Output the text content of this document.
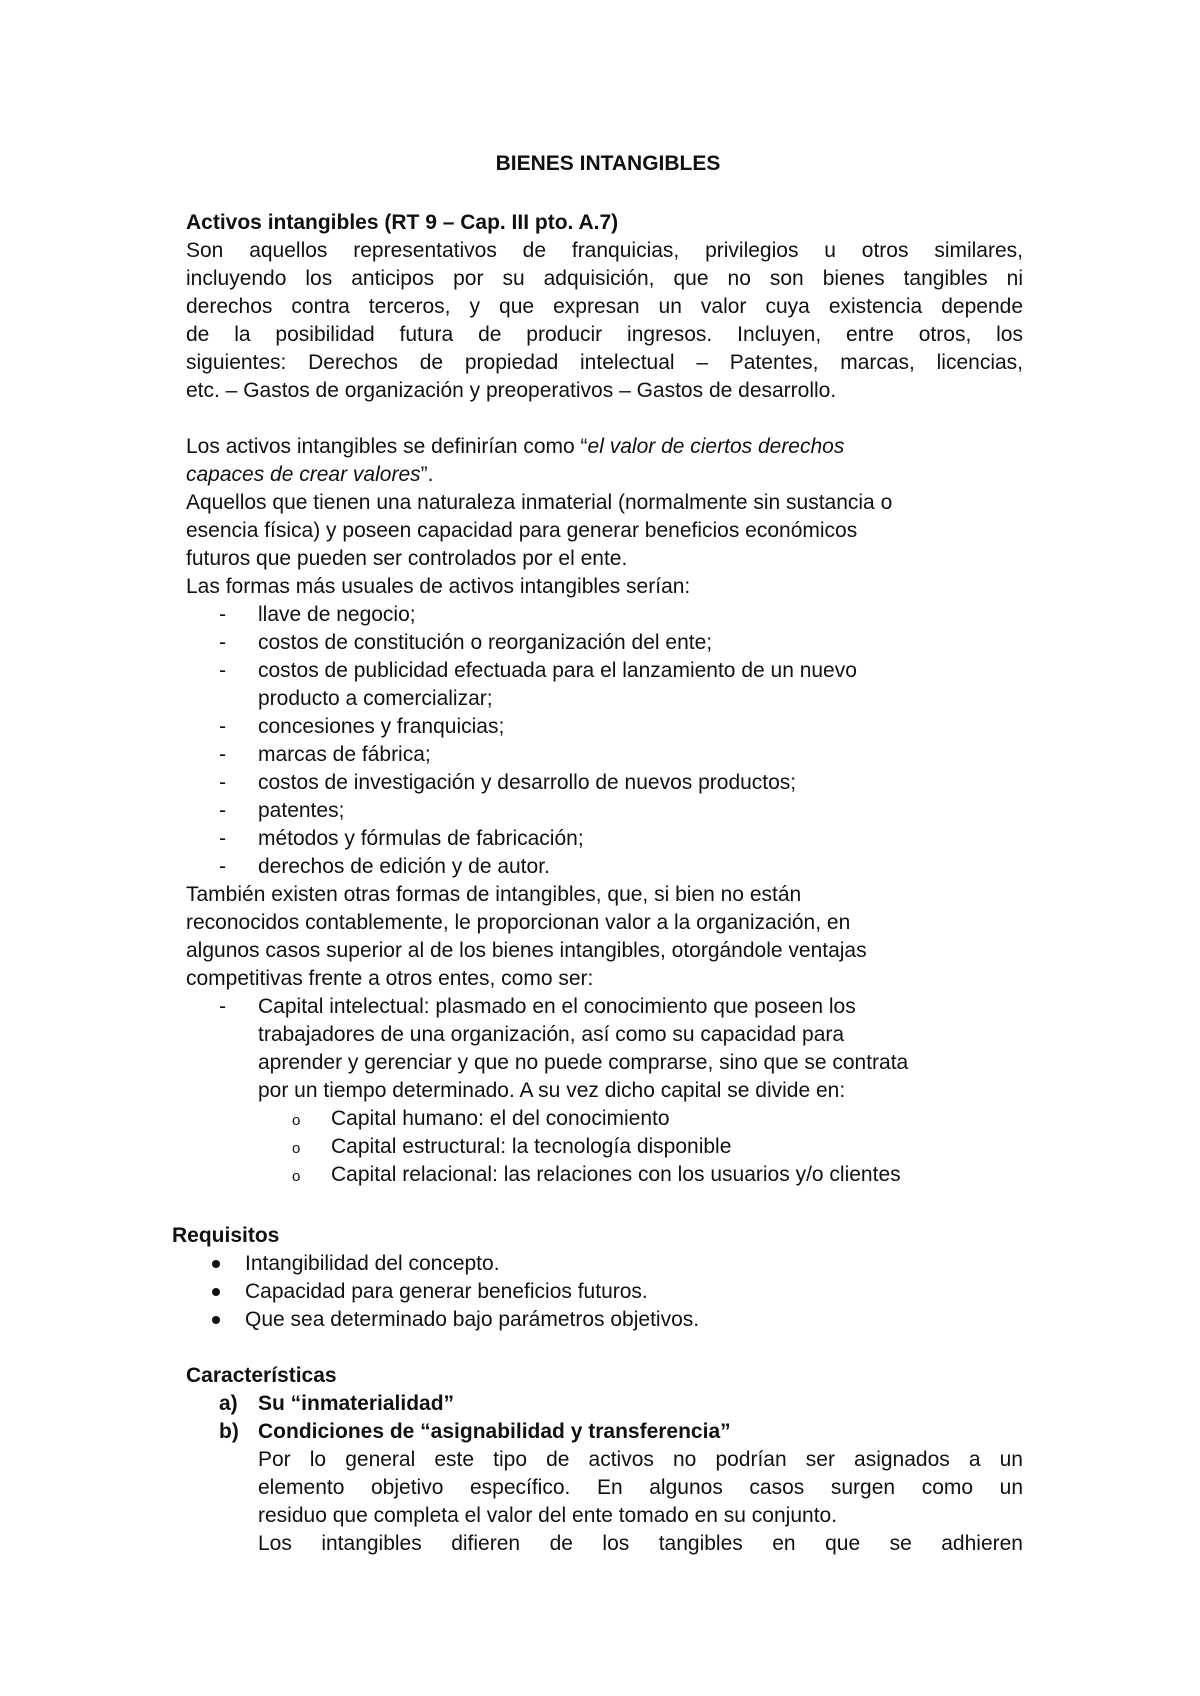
BIENES INTANGIBLES
Activos intangibles (RT 9 – Cap. III pto. A.7)
Son aquellos representativos de franquicias, privilegios u otros similares,
incluyendo los anticipos por su adquisición, que no son bienes tangibles ni
derechos contra terceros, y que expresan un valor cuya existencia depende
de la posibilidad futura de producir ingresos. Incluyen, entre otros, los
siguientes: Derechos de propiedad intelectual – Patentes, marcas, licencias,
etc. – Gastos de organización y preoperativos – Gastos de desarrollo.
Los activos intangibles se definirían como “el valor de ciertos derechos
capaces de crear valores”.
Aquellos que tienen una naturaleza inmaterial (normalmente sin sustancia o
esencia física) y poseen capacidad para generar beneficios económicos
futuros que pueden ser controlados por el ente.
Las formas más usuales de activos intangibles serían:
- llave de negocio;
- costos de constitución o reorganización del ente;
- costos de publicidad efectuada para el lanzamiento de un nuevo
producto a comercializar;
- concesiones y franquicias;
- marcas de fábrica;
- costos de investigación y desarrollo de nuevos productos;
- patentes;
- métodos y fórmulas de fabricación;
- derechos de edición y de autor.
También existen otras formas de intangibles, que, si bien no están
reconocidos contablemente, le proporcionan valor a la organización, en
algunos casos superior al de los bienes intangibles, otorgándole ventajas
competitivas frente a otros entes, como ser:
- Capital intelectual: plasmado en el conocimiento que poseen los
trabajadores de una organización, así como su capacidad para
aprender y gerenciar y que no puede comprarse, sino que se contrata
por un tiempo determinado. A su vez dicho capital se divide en:
o Capital humano: el del conocimiento
o Capital estructural: la tecnología disponible
o Capital relacional: las relaciones con los usuarios y/o clientes
Requisitos
Intangibilidad del concepto.
Capacidad para generar beneficios futuros.
Que sea determinado bajo parámetros objetivos.
Características
a) Su “inmaterialidad”
b) Condiciones de “asignabilidad y transferencia”
Por lo general este tipo de activos no podrían ser asignados a un
elemento objetivo específico. En algunos casos surgen como un
residuo que completa el valor del ente tomado en su conjunto.
Los intangibles difieren de los tangibles en que se adhieren
